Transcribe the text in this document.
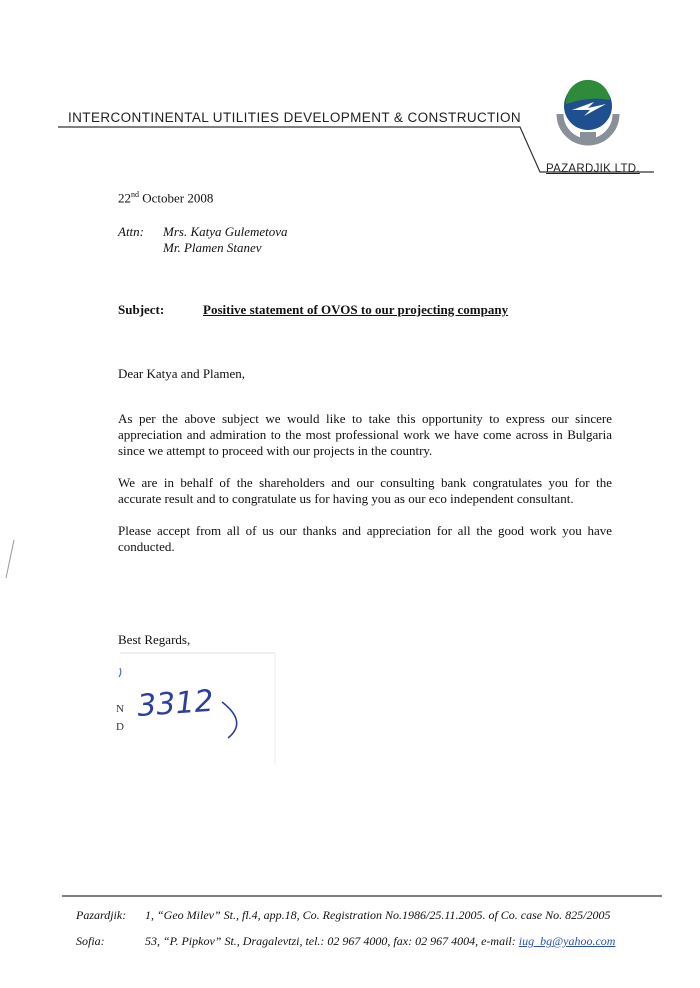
INTERCONTINENTAL UTILITIES DEVELOPMENT & CONSTRUCTION
PAZARDJIK LTD.
22nd October 2008
Attn: Mrs. Katya Gulemetova
Mr. Plamen Stanev
Subject:	Positive statement of OVOS to our projecting company
Dear Katya and Plamen,
As per the above subject we would like to take this opportunity to express our sincere appreciation and admiration to the most professional work we have come across in Bulgaria since we attempt to proceed with our projects in the country.
We are in behalf of the shareholders and our consulting bank congratulates you for the accurate result and to congratulate us for having you as our eco independent consultant.
Please accept from all of us our thanks and appreciation for all the good work you have conducted.
Best Regards,
N
D
3312
Pazardjik: 1, “Geo Milev” St., fl.4, app.18, Co. Registration No.1986/25.11.2005. of Co. case No. 825/2005
Sofia:	53, “P. Pipkov” St., Dragalevtzi, tel.: 02 967 4000, fax: 02 967 4004, e-mail: iug_bg@yahoo.com
